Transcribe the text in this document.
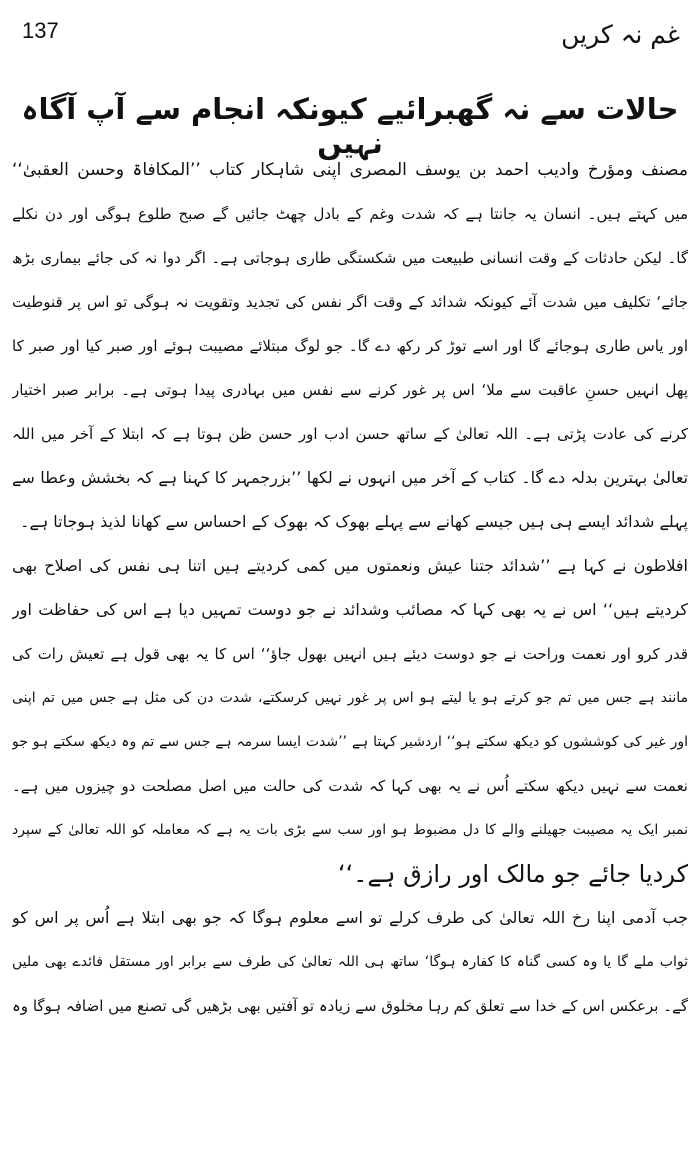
137	غم نہ کریں
حالات سے نہ گھبرائیے کیونکہ انجام سے آپ آگاہ نہیں
مصنف ومؤرخ وادیب احمد بن یوسف المصری اپنی شاہکار کتاب ’’المکافاۃ وحسن العقبیٰ‘‘
میں کہتے ہیں۔ انسان یہ جانتا ہے کہ شدت وغم کے بادل چھٹ جائیں گے صبح طلوع ہوگی اور دن نکلے
گا۔ لیکن حادثات کے وقت انسانی طبیعت میں شکستگی طاری ہوجاتی ہے۔ اگر دوا نہ کی جائے بیماری بڑھ
جائے‘ تکلیف میں شدت آئے کیونکہ شدائد کے وقت اگر نفس کی تجدید وتقویت نہ ہوگی تو اس پر قنوطیت
اور یاس طاری ہوجائے گا اور اسے توڑ کر رکھ دے گا۔ جو لوگ مبتلائے مصیبت ہوئے اور صبر کیا اور صبر کا
پھل انہیں حسنِ عاقبت سے ملا‘ اس پر غور کرنے سے نفس میں بہادری پیدا ہوتی ہے۔ برابر صبر اختیار
کرنے کی عادت پڑتی ہے۔ اللہ تعالیٰ کے ساتھ حسن ادب اور حسن ظن ہوتا ہے کہ ابتلا کے آخر میں اللہ
تعالیٰ بہترین بدلہ دے گا۔ کتاب کے آخر میں انہوں نے لکھا ’’بزرجمہر کا کہنا ہے کہ بخشش وعطا سے
پہلے شدائد ایسے ہی ہیں جیسے کھانے سے پہلے بھوک کہ بھوک کے احساس سے کھانا لذیذ ہوجاتا ہے۔
افلاطون نے کہا ہے ’’شدائد جتنا عیش ونعمتوں میں کمی کردیتے ہیں اتنا ہی نفس کی اصلاح بھی
کردیتے ہیں‘‘ اس نے یہ بھی کہا کہ مصائب وشدائد نے جو دوست تمہیں دیا ہے اس کی حفاظت اور
قدر کرو اور نعمت وراحت نے جو دوست دیئے ہیں انہیں بھول جاؤ‘‘ اس کا یہ بھی قول ہے تعیش رات کی
مانند ہے جس میں تم جو کرتے ہو یا لیتے ہو اس پر غور نہیں کرسکتے، شدت دن کی مثل ہے جس میں تم اپنی
اور غیر کی کوششوں کو دیکھ سکتے ہو‘‘ اردشیر کہتا ہے ’’شدت ایسا سرمہ ہے جس سے تم وہ دیکھ سکتے ہو جو
نعمت سے نہیں دیکھ سکتے اُس نے یہ بھی کہا کہ شدت کی حالت میں اصل مصلحت دو چیزوں میں ہے۔
نمبر ایک یہ مصیبت جھیلنے والے کا دل مضبوط ہو اور سب سے بڑی بات یہ ہے کہ معاملہ کو اللہ تعالیٰ کے سپرد
کردیا جائے جو مالک اور رازق ہے۔‘‘
جب آدمی اپنا رخ اللہ تعالیٰ کی طرف کرلے تو اسے معلوم ہوگا کہ جو بھی ابتلا ہے اُس پر اس کو
ثواب ملے گا یا وہ کسی گناہ کا کفارہ ہوگا‘ ساتھ ہی اللہ تعالیٰ کی طرف سے برابر اور مستقل فائدے بھی ملیں
گے۔ برعکس اس کے خدا سے تعلق کم رہا مخلوق سے زیادہ تو آفتیں بھی بڑھیں گی تصنع میں اضافہ ہوگا وہ
